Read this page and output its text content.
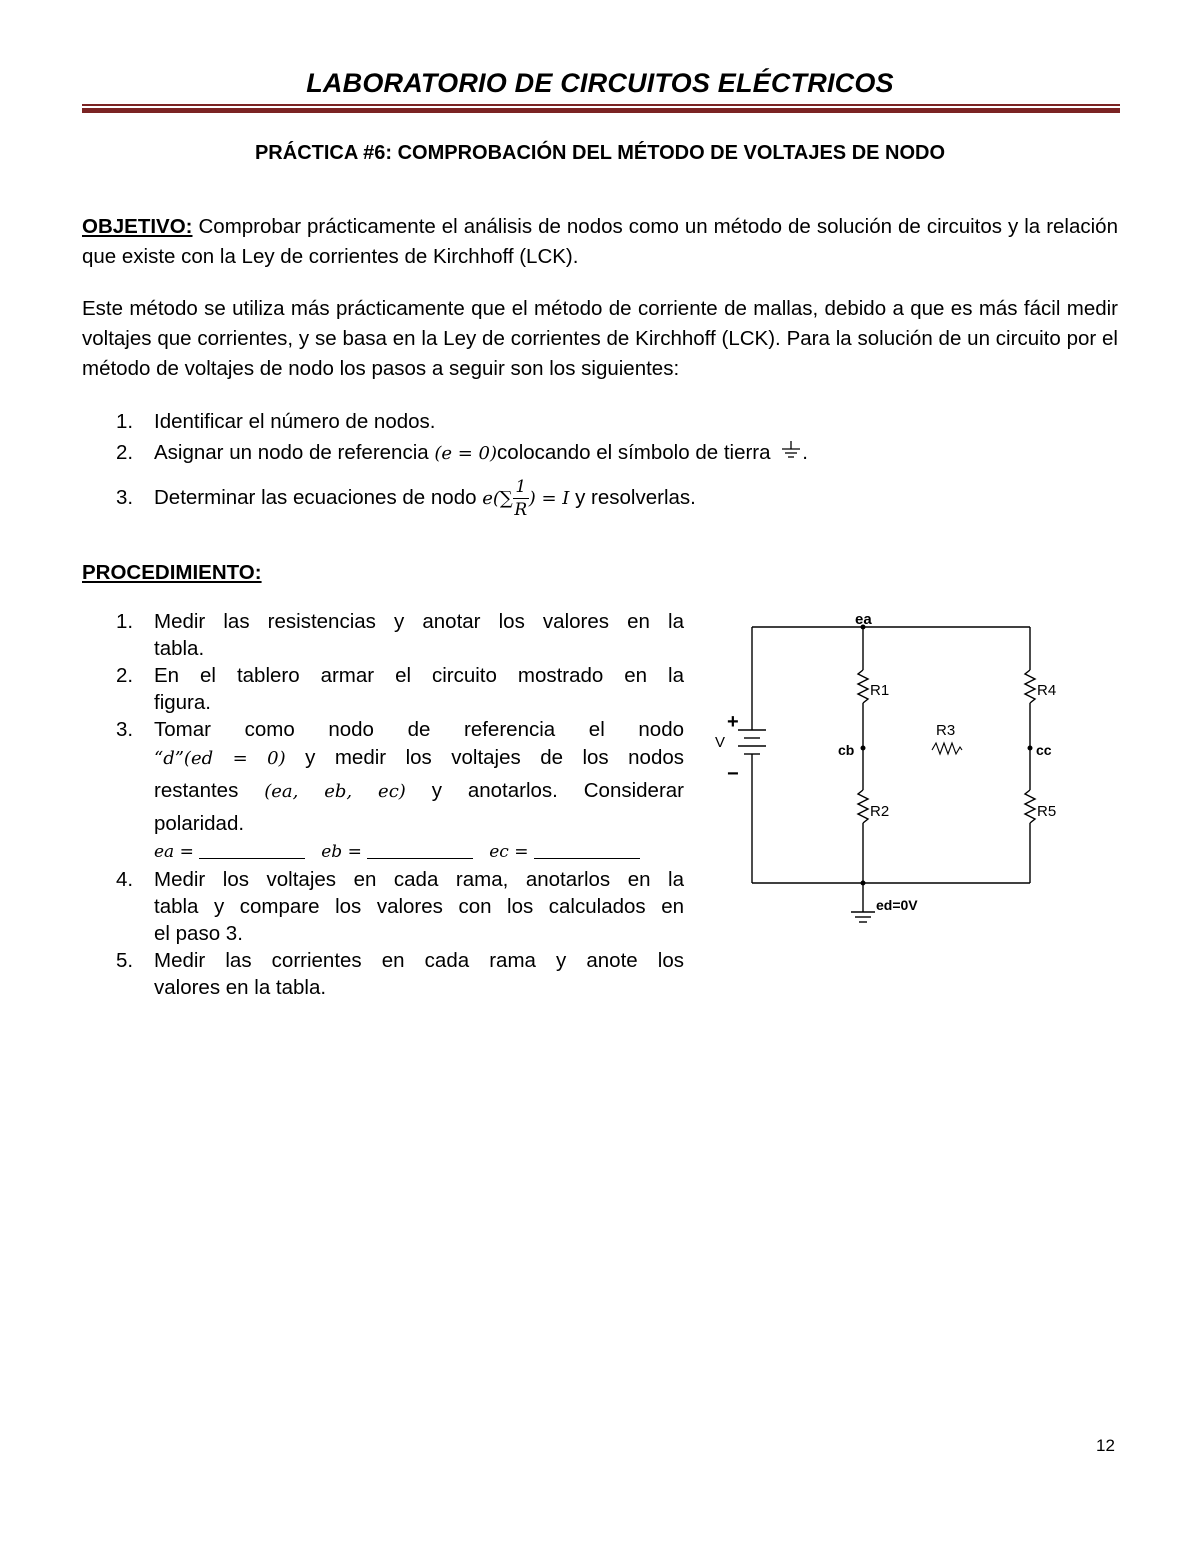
LABORATORIO DE CIRCUITOS ELÉCTRICOS
PRÁCTICA #6: COMPROBACIÓN DEL MÉTODO DE VOLTAJES DE NODO
OBJETIVO: Comprobar prácticamente el análisis de nodos como un método de solución de circuitos y la relación que existe con la Ley de corrientes de Kirchhoff (LCK).
Este método se utiliza más prácticamente que el método de corriente de mallas, debido a que es más fácil medir voltajes que corrientes, y se basa en la Ley de corrientes de Kirchhoff (LCK). Para la solución de un circuito por el método de voltajes de nodo los pasos a seguir son los siguientes:
1. Identificar el número de nodos.
2. Asignar un nodo de referencia (e = 0)colocando el símbolo de tierra .
3. Determinar las ecuaciones de nodo $e(\sum \frac{1}{R}$ ) = I y resolverlas.
PROCEDIMIENTO:
1.	Medir las resistencias y anotar los valores en la
tabla.
2.	En el tablero armar el circuito mostrado en la
figura.
3.	Tomar como nodo de referencia el nodo
“d”(ed = 0) y medir los voltajes de los nodos
restantes (ea, eb, ec) y anotarlos. Considerar
polaridad.
ea =	eb =	ec =
4.	Medir los voltajes en cada rama, anotarlos en la
tabla y compare los valores con los calculados en
el paso 3.
5.	Medir las corrientes en cada rama y anote los
valores en la tabla.
ea
cb	cc
ed=0V
R1
R2
R3
R4
R5
V
+
−
12
